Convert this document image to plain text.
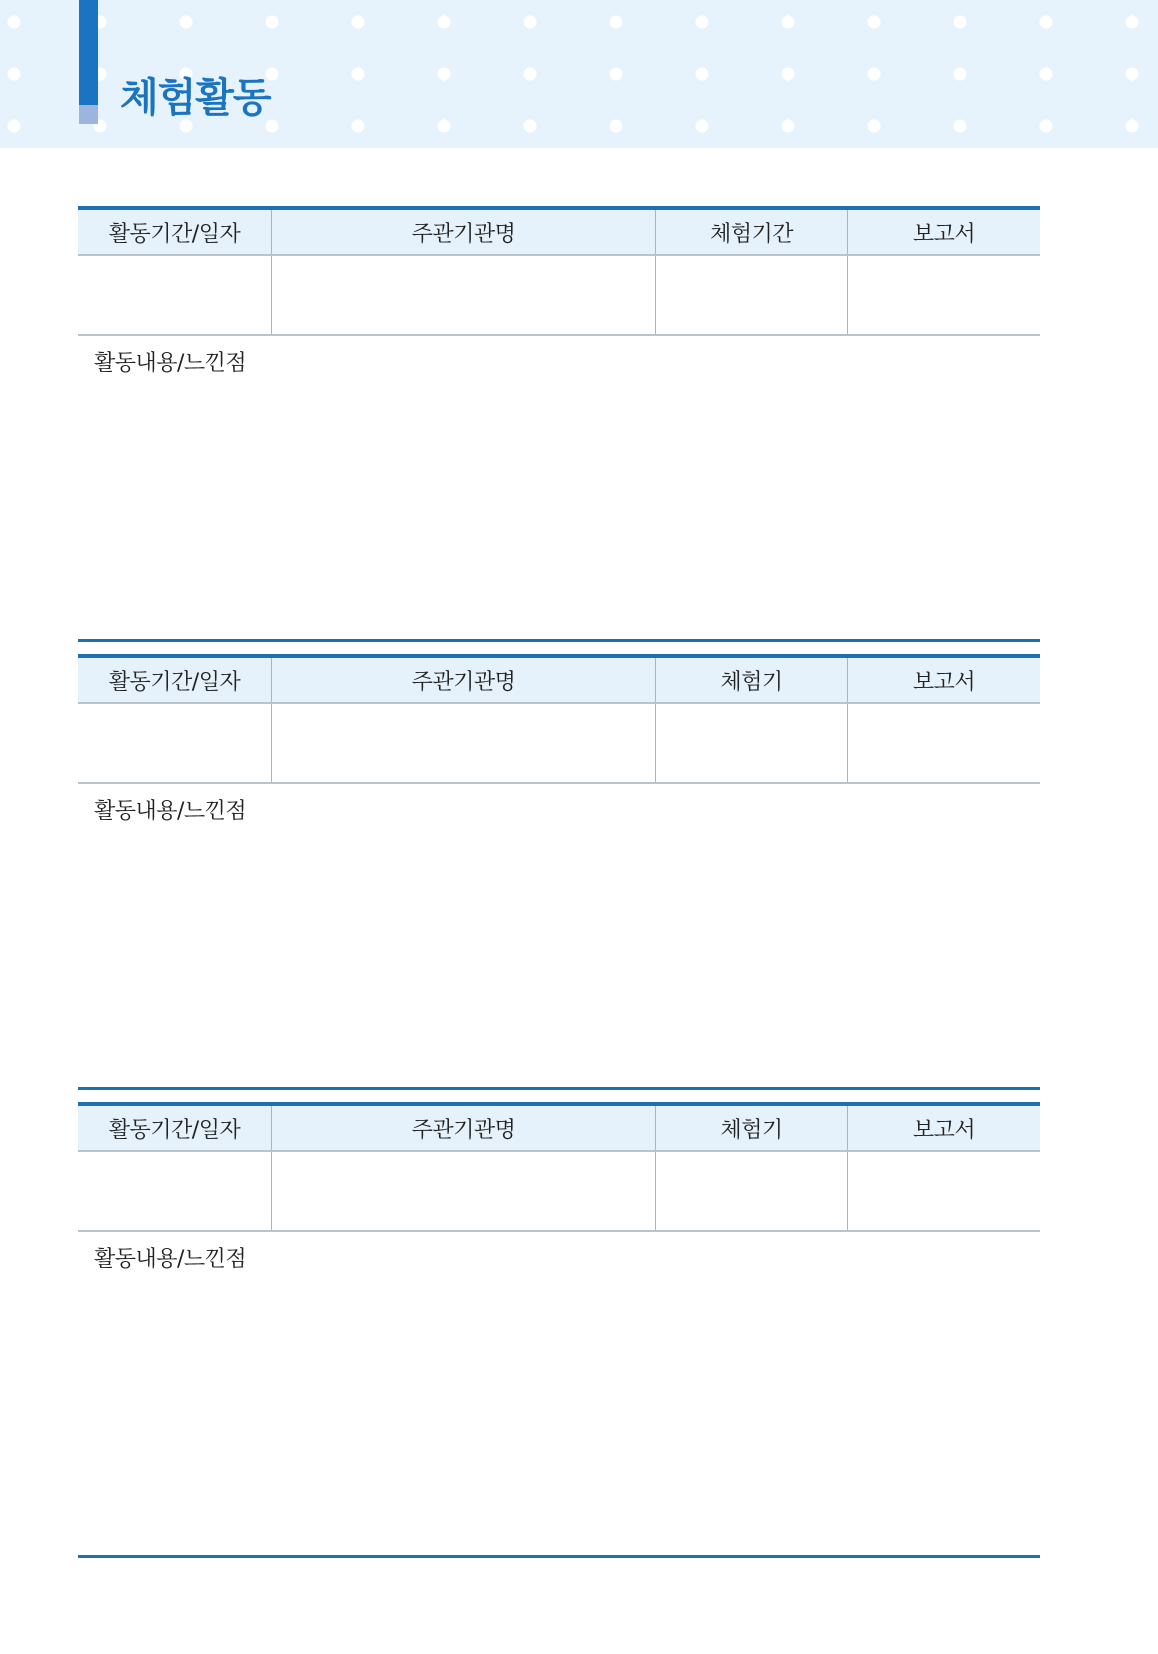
체험활동
활동기간/일자	주관기관명	체험기간	보고서
활동내용/느낀점
활동기간/일자	주관기관명	체험기	보고서
활동내용/느낀점
활동기간/일자	주관기관명	체험기	보고서
활동내용/느낀점
